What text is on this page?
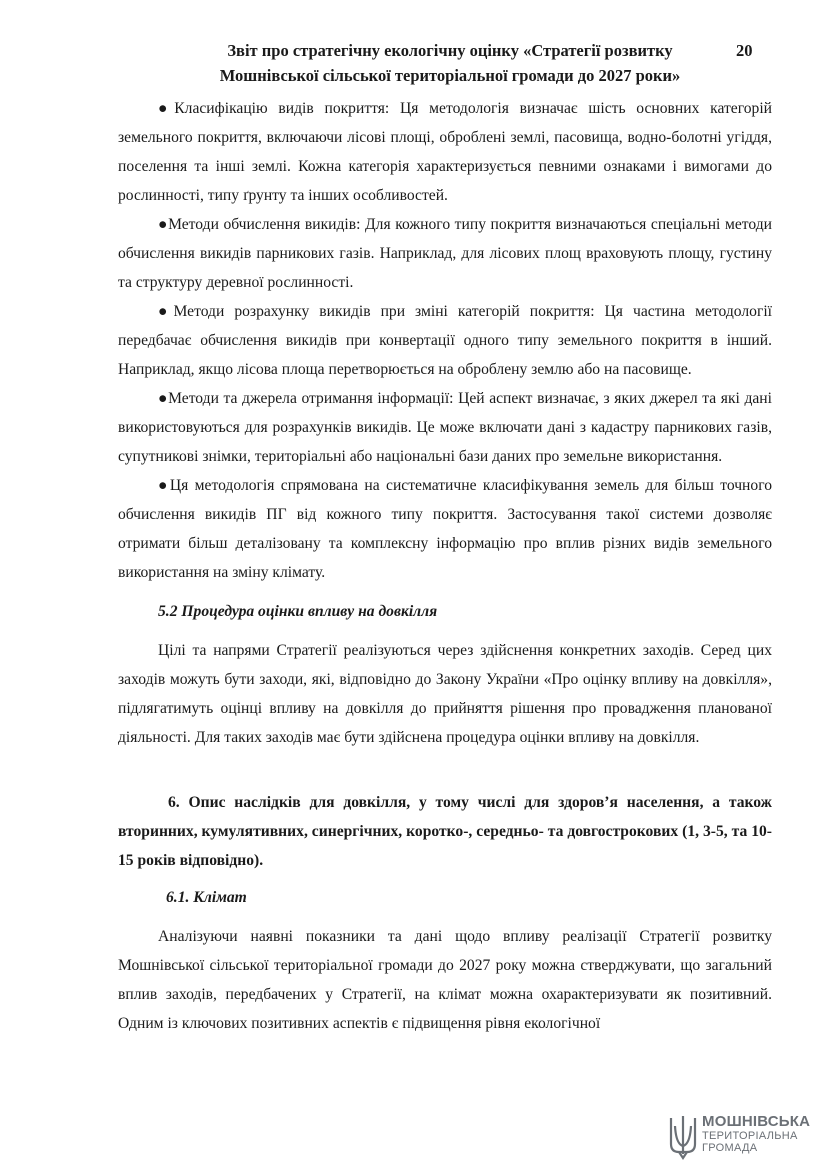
Звіт про стратегічну екологічну оцінку «Стратегії розвитку
Мошнівської сільської територіальної громади до 2027 роки»
20

●Класифікацію видів покриття: Ця методологія визначає шість основних категорій земельного покриття, включаючи лісові площі, оброблені землі, пасовища, водно-болотні угіддя, поселення та інші землі. Кожна категорія характеризується певними ознаками і вимогами до рослинності, типу ґрунту та інших особливостей.

●Методи обчислення викидів: Для кожного типу покриття визначаються спеціальні методи обчислення викидів парникових газів. Наприклад, для лісових площ враховують площу, густину та структуру деревної рослинності.

●Методи розрахунку викидів при зміні категорій покриття: Ця частина методології передбачає обчислення викидів при конвертації одного типу земельного покриття в інший. Наприклад, якщо лісова площа перетворюється на оброблену землю або на пасовище.

●Методи та джерела отримання інформації: Цей аспект визначає, з яких джерел та які дані використовуються для розрахунків викидів. Це може включати дані з кадастру парникових газів, супутникові знімки, територіальні або національні бази даних про земельне використання.

●Ця методологія спрямована на систематичне класифікування земель для більш точного обчислення викидів ПГ від кожного типу покриття. Застосування такої системи дозволяє отримати більш деталізовану та комплексну інформацію про вплив різних видів земельного використання на зміну клімату.

5.2 Процедура оцінки впливу на довкілля

Цілі та напрями Стратегії реалізуються через здійснення конкретних заходів. Серед цих заходів можуть бути заходи, які, відповідно до Закону України «Про оцінку впливу на довкілля», підлягатимуть оцінці впливу на довкілля до прийняття рішення про провадження планованої діяльності. Для таких заходів має бути здійснена процедура оцінки впливу на довкілля.

6. Опис наслідків для довкілля, у тому числі для здоров’я населення, а також вторинних, кумулятивних, синергічних, коротко-, середньо- та довгострокових (1, 3-5, та 10-15 років відповідно).

6.1. Клімат

Аналізуючи наявні показники та дані щодо впливу реалізації Стратегії розвитку Мошнівської сільської територіальної громади до 2027 року можна стверджувати, що загальний вплив заходів, передбачених у Стратегії, на клімат можна охарактеризувати як позитивний. Одним із ключових позитивних аспектів є підвищення рівня екологічної

МОШНІВСЬКА
ТЕРИТОРІАЛЬНА
ГРОМАДА
